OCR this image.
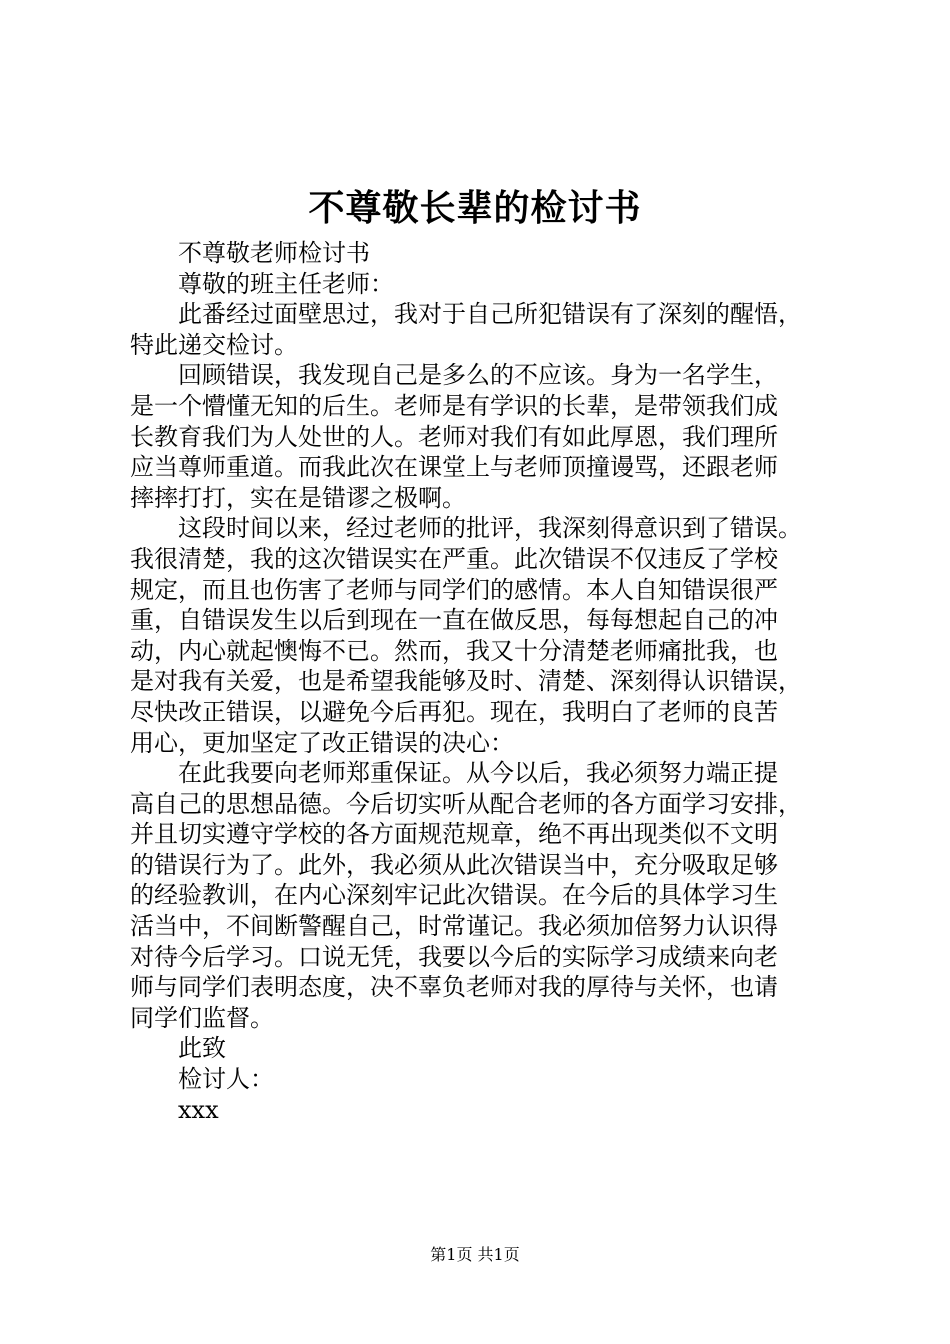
不尊敬长辈的检讨书
不尊敬老师检讨书
尊敬的班主任老师：
此番经过面壁思过，我对于自己所犯错误有了深刻的醒悟，
特此递交检讨。
回顾错误，我发现自己是多么的不应该。身为一名学生，
是一个懵懂无知的后生。老师是有学识的长辈，是带领我们成
长教育我们为人处世的人。老师对我们有如此厚恩，我们理所
应当尊师重道。而我此次在课堂上与老师顶撞谩骂，还跟老师
摔摔打打，实在是错谬之极啊。
这段时间以来，经过老师的批评，我深刻得意识到了错误。
我很清楚，我的这次错误实在严重。此次错误不仅违反了学校
规定，而且也伤害了老师与同学们的感情。本人自知错误很严
重，自错误发生以后到现在一直在做反思，每每想起自己的冲
动，内心就起懊悔不已。然而，我又十分清楚老师痛批我，也
是对我有关爱，也是希望我能够及时、清楚、深刻得认识错误，
尽快改正错误，以避免今后再犯。现在，我明白了老师的良苦
用心，更加坚定了改正错误的决心：
在此我要向老师郑重保证。从今以后，我必须努力端正提
高自己的思想品德。今后切实听从配合老师的各方面学习安排，
并且切实遵守学校的各方面规范规章，绝不再出现类似不文明
的错误行为了。此外，我必须从此次错误当中，充分吸取足够
的经验教训，在内心深刻牢记此次错误。在今后的具体学习生
活当中，不间断警醒自己，时常谨记。我必须加倍努力认识得
对待今后学习。口说无凭，我要以今后的实际学习成绩来向老
师与同学们表明态度，决不辜负老师对我的厚待与关怀，也请
同学们监督。
此致
检讨人：
xxx
第1页 共1页
